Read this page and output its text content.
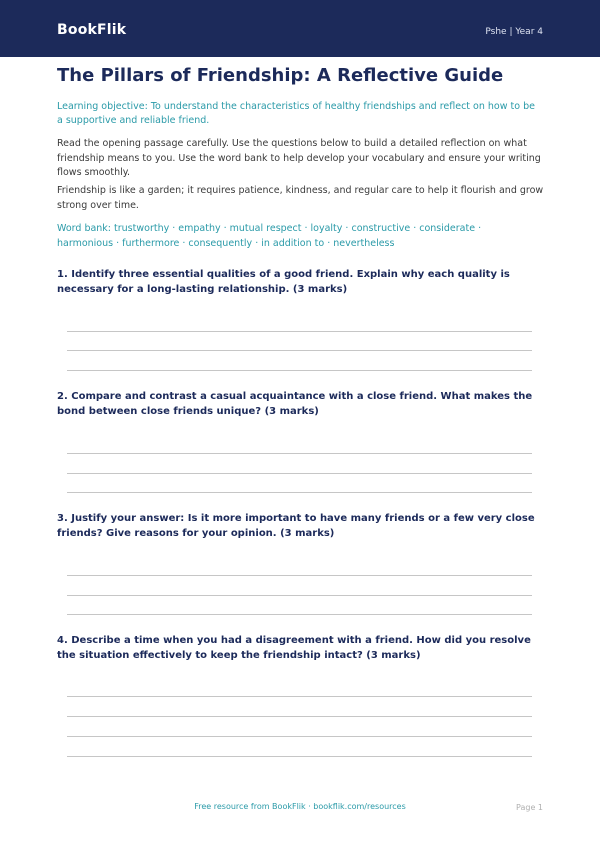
BookFlik	Pshe | Year 4
The Pillars of Friendship: A Reflective Guide
Learning objective: To understand the characteristics of healthy friendships and reflect on how to be a supportive and reliable friend.
Read the opening passage carefully. Use the questions below to build a detailed reflection on what friendship means to you. Use the word bank to help develop your vocabulary and ensure your writing flows smoothly.
Friendship is like a garden; it requires patience, kindness, and regular care to help it flourish and grow strong over time.
Word bank: trustworthy · empathy · mutual respect · loyalty · constructive · considerate · harmonious · furthermore · consequently · in addition to · nevertheless
1. Identify three essential qualities of a good friend. Explain why each quality is necessary for a long-lasting relationship. (3 marks)
2. Compare and contrast a casual acquaintance with a close friend. What makes the bond between close friends unique? (3 marks)
3. Justify your answer: Is it more important to have many friends or a few very close friends? Give reasons for your opinion. (3 marks)
4. Describe a time when you had a disagreement with a friend. How did you resolve the situation effectively to keep the friendship intact? (3 marks)
Free resource from BookFlik · bookflik.com/resources	Page 1
